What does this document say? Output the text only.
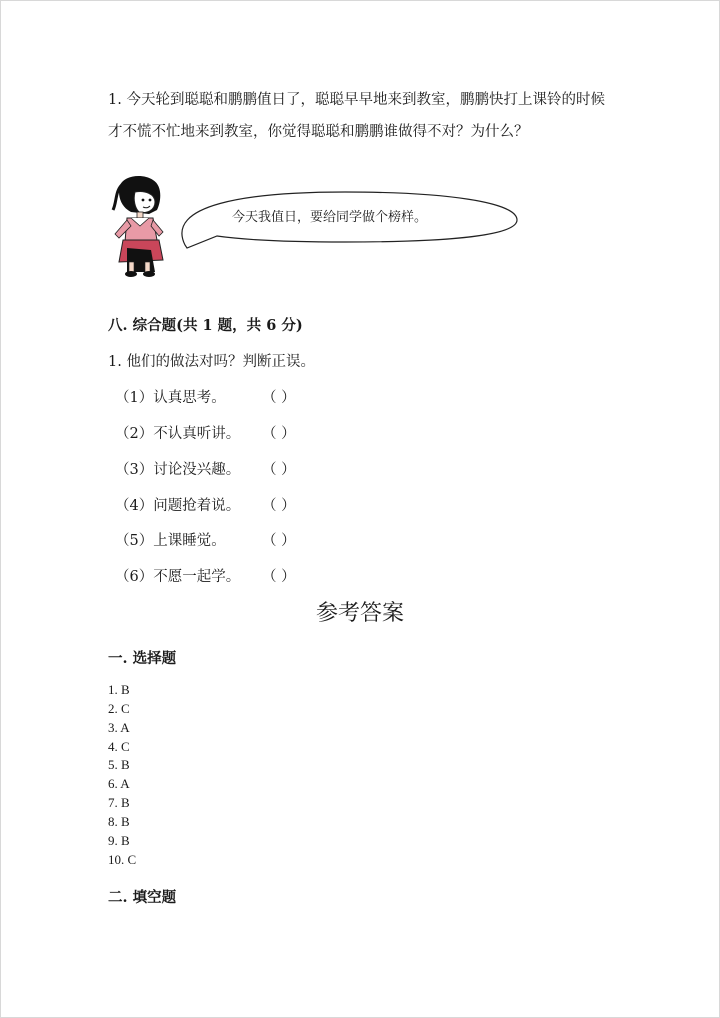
1. 今天轮到聪聪和鹏鹏值日了，聪聪早早地来到教室，鹏鹏快打上课铃的时候
才不慌不忙地来到教室，你觉得聪聪和鹏鹏谁做得不对？为什么？
今天我值日，要给同学做个榜样。
八. 综合题(共 1 题，共 6 分)
1. 他们的做法对吗？判断正误。
（1）认真思考。	（ ）
（2）不认真听讲。 （ ）
（3）讨论没兴趣。 （ ）
（4）问题抢着说。 （ ）
（5）上课睡觉。	（ ）
（6）不愿一起学。 （ ）
参考答案
一. 选择题
1. B
2. C
3. A
4. C
5. B
6. A
7. B
8. B
9. B
10. C
二. 填空题
